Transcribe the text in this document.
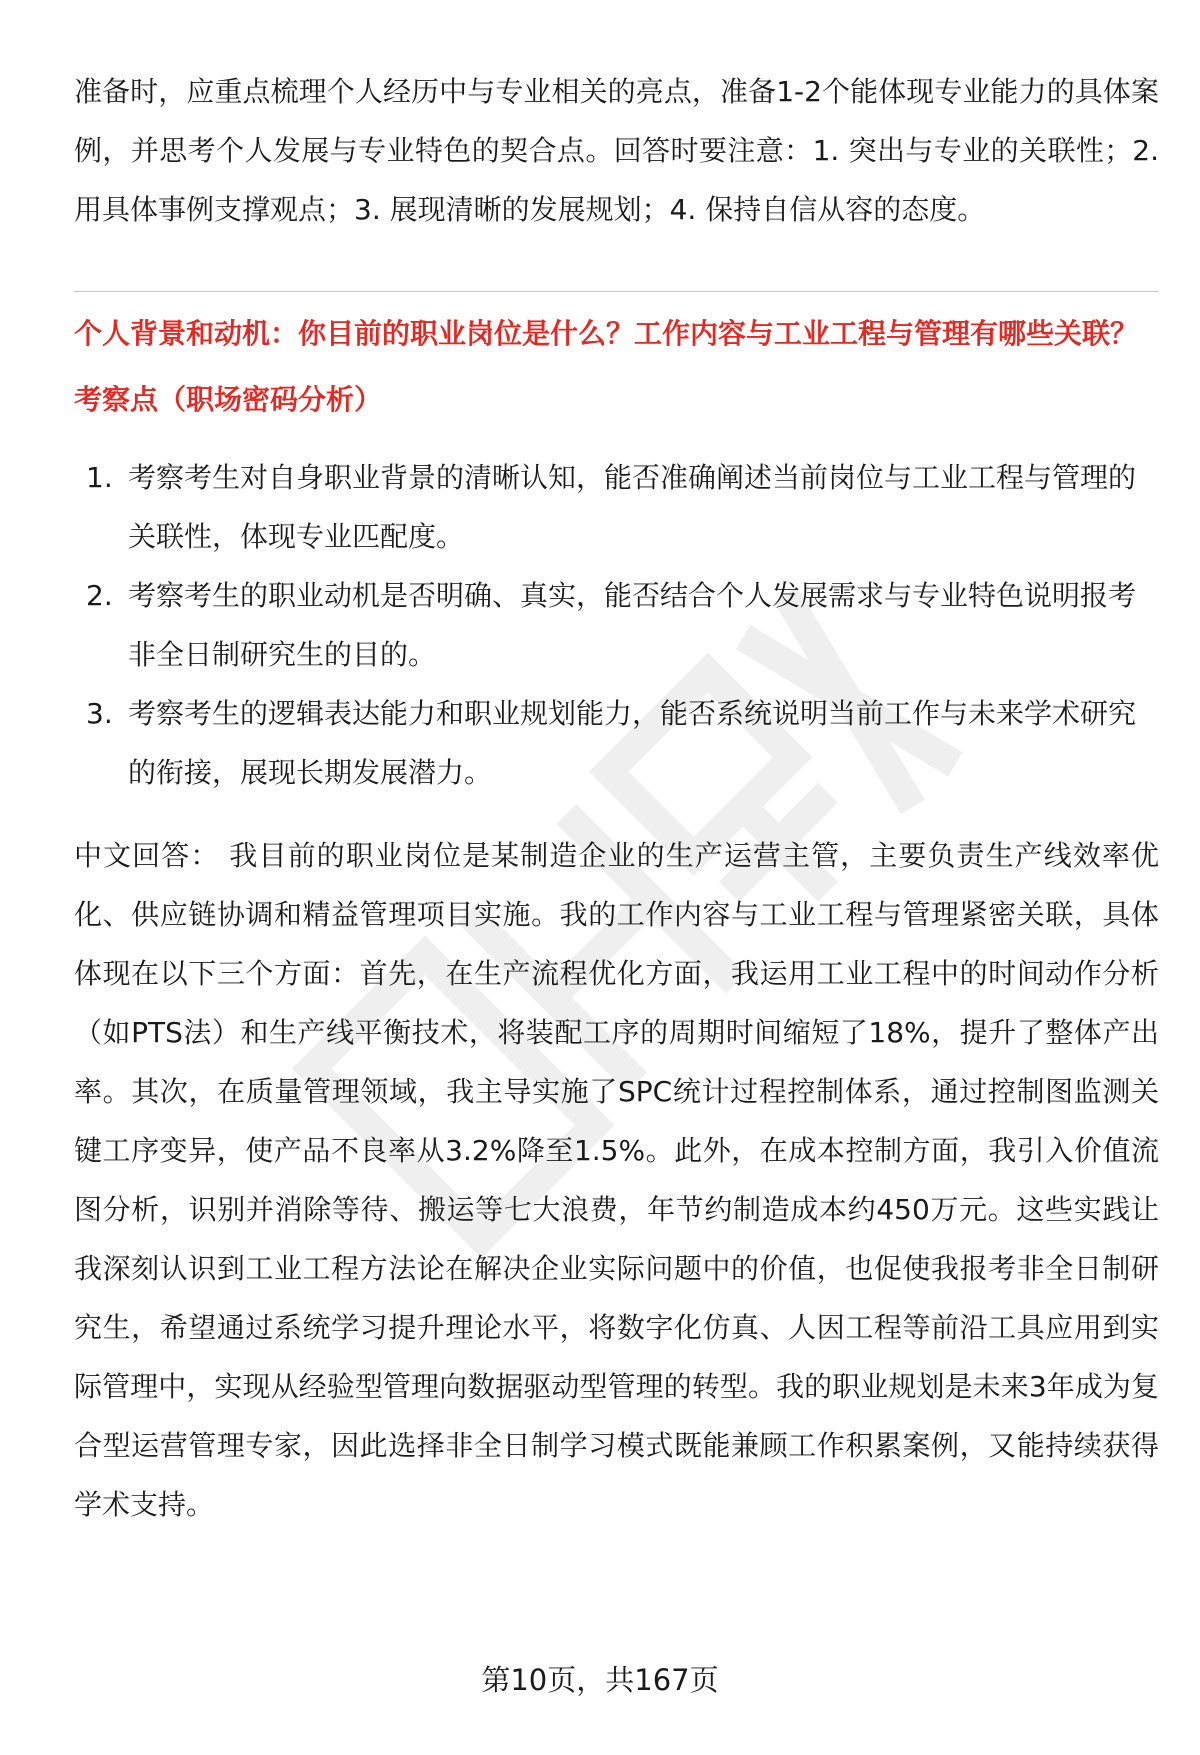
准备时，应重点梳理个人经历中与专业相关的亮点，准备1-2个能体现专业能力的具体案例，并思考个人发展与专业特色的契合点。回答时要注意：1. 突出与专业的关联性；2. 用具体事例支撑观点；3. 展现清晰的发展规划；4. 保持自信从容的态度。

个人背景和动机：你目前的职业岗位是什么？工作内容与工业工程与管理有哪些关联？
考察点（职场密码分析）
1. 考察考生对自身职业背景的清晰认知，能否准确阐述当前岗位与工业工程与管理的关联性，体现专业匹配度。
2. 考察考生的职业动机是否明确、真实，能否结合个人发展需求与专业特色说明报考非全日制研究生的目的。
3. 考察考生的逻辑表达能力和职业规划能力，能否系统说明当前工作与未来学术研究的衔接，展现长期发展潜力。

中文回答： 我目前的职业岗位是某制造企业的生产运营主管，主要负责生产线效率优化、供应链协调和精益管理项目实施。我的工作内容与工业工程与管理紧密关联，具体体现在以下三个方面：首先，在生产流程优化方面，我运用工业工程中的时间动作分析（如PTS法）和生产线平衡技术，将装配工序的周期时间缩短了18%，提升了整体产出率。其次，在质量管理领域，我主导实施了SPC统计过程控制体系，通过控制图监测关键工序变异，使产品不良率从3.2%降至1.5%。此外，在成本控制方面，我引入价值流图分析，识别并消除等待、搬运等七大浪费，年节约制造成本约450万元。这些实践让我深刻认识到工业工程方法论在解决企业实际问题中的价值，也促使我报考非全日制研究生，希望通过系统学习提升理论水平，将数字化仿真、人因工程等前沿工具应用到实际管理中，实现从经验型管理向数据驱动型管理的转型。我的职业规划是未来3年成为复合型运营管理专家，因此选择非全日制学习模式既能兼顾工作积累案例，又能持续获得学术支持。

第10页，共167页
